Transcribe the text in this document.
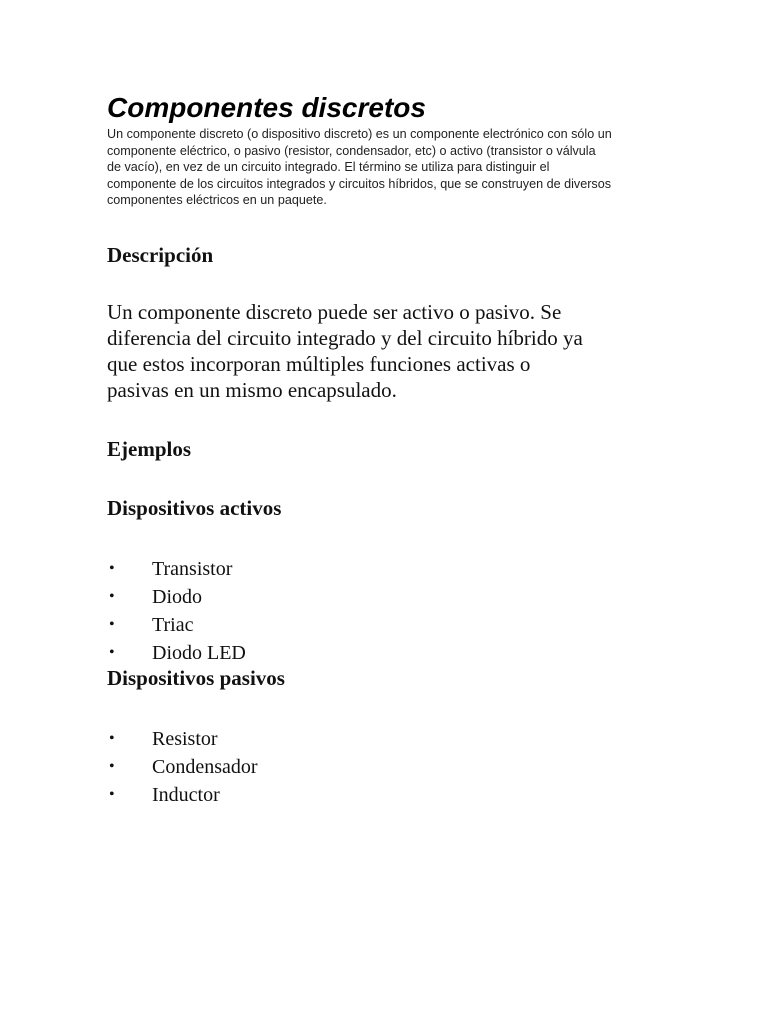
Componentes discretos

Un componente discreto (o dispositivo discreto) es un componente electrónico con sólo un
componente eléctrico, o pasivo (resistor, condensador, etc) o activo (transistor o válvula
de vacío), en vez de un circuito integrado. El término se utiliza para distinguir el
componente de los circuitos integrados y circuitos híbridos, que se construyen de diversos
componentes eléctricos en un paquete.

Descripción

Un componente discreto puede ser activo o pasivo. Se
diferencia del circuito integrado y del circuito híbrido ya
que estos incorporan múltiples funciones activas o
pasivas en un mismo encapsulado.

Ejemplos
Dispositivos activos
• Transistor
• Diodo
• Triac
• Diodo LED
Dispositivos pasivos
• Resistor
• Condensador
• Inductor
